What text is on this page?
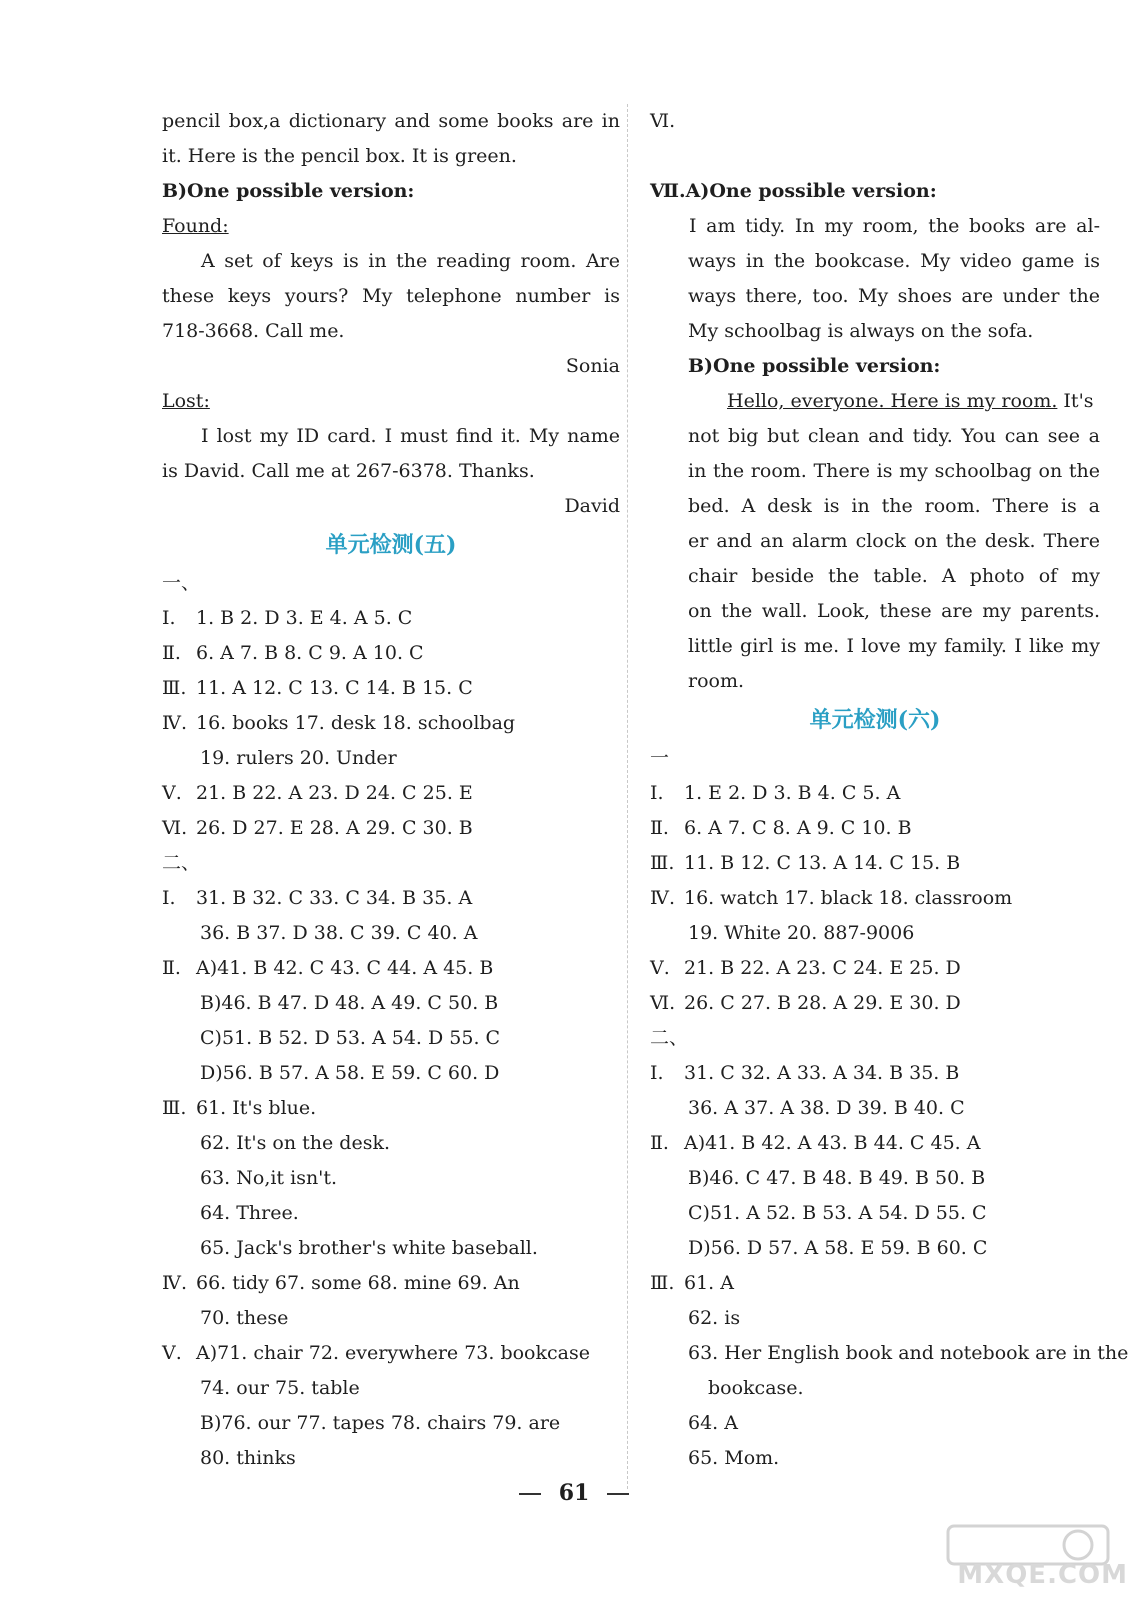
pencil box,a dictionary and some books are in
it. Here is the pencil box. It is green.
B)One possible version:
Found:
A set of keys is in the reading room. Are
these keys yours? My telephone number is
718-3668. Call me.
Sonia
Lost:
I lost my ID card. I must find it. My name
is David. Call me at 267-6378. Thanks.
David
单元检测(五)
一、
Ⅰ. 1. B 2. D 3. E 4. A 5. C
Ⅱ. 6. A 7. B 8. C 9. A 10. C
Ⅲ. 11. A 12. C 13. C 14. B 15. C
Ⅳ. 16. books 17. desk 18. schoolbag
19. rulers 20. Under
Ⅴ. 21. B 22. A 23. D 24. C 25. E
Ⅵ. 26. D 27. E 28. A 29. C 30. B
二、
Ⅰ. 31. B 32. C 33. C 34. B 35. A
36. B 37. D 38. C 39. C 40. A
Ⅱ. A)41. B 42. C 43. C 44. A 45. B
B)46. B 47. D 48. A 49. C 50. B
C)51. B 52. D 53. A 54. D 55. C
D)56. B 57. A 58. E 59. C 60. D
Ⅲ. 61. It's blue.
62. It's on the desk.
63. No,it isn't.
64. Three.
65. Jack's brother's white baseball.
Ⅳ. 66. tidy 67. some 68. mine 69. An
70. these
Ⅴ. A)71. chair 72. everywhere 73. bookcase
74. our 75. table
B)76. our 77. tapes 78. chairs 79. are
80. thinks
Ⅵ.
Ⅶ.A)One possible version:
I am tidy. In my room, the books are al-
ways in the bookcase. My video game is
ways there, too. My shoes are under the
My schoolbag is always on the sofa.
B)One possible version:
Hello, everyone. Here is my room. It's
not big but clean and tidy. You can see a
in the room. There is my schoolbag on the
bed. A desk is in the room. There is a
er and an alarm clock on the desk. There
chair beside the table. A photo of my
on the wall. Look, these are my parents.
little girl is me. I love my family. I like my
room.
单元检测(六)
一
Ⅰ. 1. E 2. D 3. B 4. C 5. A
Ⅱ. 6. A 7. C 8. A 9. C 10. B
Ⅲ. 11. B 12. C 13. A 14. C 15. B
Ⅳ. 16. watch 17. black 18. classroom
19. White 20. 887-9006
Ⅴ. 21. B 22. A 23. C 24. E 25. D
Ⅵ. 26. C 27. B 28. A 29. E 30. D
二、
Ⅰ. 31. C 32. A 33. A 34. B 35. B
36. A 37. A 38. D 39. B 40. C
Ⅱ. A)41. B 42. A 43. B 44. C 45. A
B)46. C 47. B 48. B 49. B 50. B
C)51. A 52. B 53. A 54. D 55. C
D)56. D 57. A 58. E 59. B 60. C
Ⅲ. 61. A
62. is
63. Her English book and notebook are in the
bookcase.
64. A
65. Mom.
61
MXQE.COM
